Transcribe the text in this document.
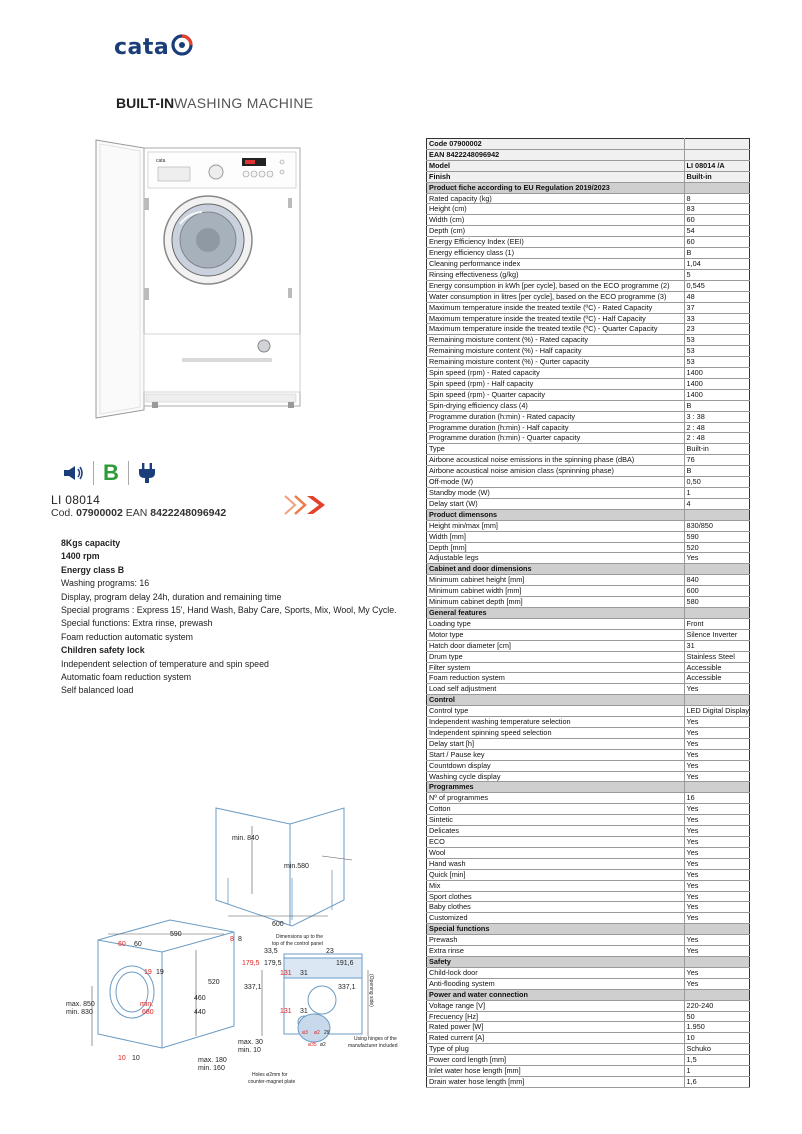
cata
BUILT-INWASHING MACHINE
cata
B
LI 08014
Cod. 07900002 EAN 8422248096942
8Kgs capacity
1400 rpm
Energy class B
Washing programs: 16
Display, program delay 24h, duration and remaining time
Special programs : Express 15', Hand Wash, Baby Care, Sports, Mix, Wool, My Cycle.
Special functions: Extra rinse, prewash
Foam reduction automatic system
Children safety lock
Independent selection of temperature and spin speed
Automatic foam reduction system
Self balanced load
Code 07900002	
EAN 8422248096942	
Model	LI 08014 /A
Finish	Built-in
Product fiche according to EU Regulation 2019/2023	
Rated capacity (kg)	8
Height (cm)	83
Width (cm)	60
Depth (cm)	54
Energy Efficiency Index (EEI)	60
Energy efficiency class (1)	B
Cleaning performance index	1,04
Rinsing effectiveness (g/kg)	5
Energy consumption in kWh [per cycle], based on the ECO programme (2)	0,545
Water consumption in litres [per cycle], based on the ECO programme (3)	48
Maximum temperature inside the treated textile (ºC) - Rated Capacity	37
Maximum temperature inside the treated textile (ºC) - Half Capacity	33
Maximum temperature inside the treated textile (ºC) - Quarter Capacity	23
Remaining moisture content (%) - Rated capacity	53
Remaining moisture content (%) - Half capacity	53
Remaining moisture content (%) - Qurter capacity	53
Spin speed (rpm) - Rated capacity	1400
Spin speed (rpm) - Half capacity	1400
Spin speed (rpm) - Quarter capacity	1400
Spin-drying efficiency class (4)	B
Programme duration (h:min) - Rated capacity	3 : 38
Programme duration (h:min) - Half capacity	2 : 48
Programme duration (h:min) - Quarter capacity	2 : 48
Type	Built-in
Airbone acoustical noise emissions in the spinning phase (dBA)	76
Airbone acoustical noise amision class (spninning phase)	B
Off-mode (W)	0,50
Standby mode (W)	1
Delay start (W)	4
Product dimensons	
Height min/max [mm]	830/850
Width [mm]	590
Depth [mm]	520
Adjustable legs	Yes
Cabinet and door dimensions	
Minimum cabinet height [mm]	840
Minimum cabinet width [mm]	600
Minimum cabinet depth [mm]	580
General features	
Loading type	Front
Motor type	Silence Inverter
Hatch door diameter [cm]	31
Drum type	Stainless Steel
Filter system	Accessible
Foam reduction system	Accessible
Load self adjustment	Yes
Control	
Control type	LED Digital Display
Independent washing temperature selection	Yes
Independent spinning speed selection	Yes
Delay start [h]	Yes
Start / Pause key	Yes
Countdown display	Yes
Washing cycle display	Yes
Programmes	
Nº of programmes	16
Cotton	Yes
Sintetic	Yes
Delicates	Yes
ECO	Yes
Wool	Yes
Hand wash	Yes
Quick [min]	Yes
Mix	Yes
Sport clothes	Yes
Baby clothes	Yes
Customized	Yes
Special functions	
Prewash	Yes
Extra rinse	Yes
Safety	
Child-lock door	Yes
Anti-flooding system	Yes
Power and water connection	
Voltage range [V]	220-240
Frecuency [Hz]	50
Rated power [W]	1.950
Rated current [A]	10
Type of plug	Schuko
Power cord length [mm]	1,5
Inlet water hose length [mm]	1
Drain water hose length [mm]	1,6
min. 840
min.580
600
590
60 60
19 19
520
460
440
max. 850
min. 830
min.
680
10 10	max. 180
min. 160
max. 30
min. 10
Holes ø2mm for
counter-magnet plate
8 8	Dimensions up to the
top of the control panel
33,5	23
179,5 179,5	191,6
131 31
337,1	337,1
131 31
(Opening side)
Using hinges of the
manufacturer included
ø3 ø2 29
ø35 ø2
